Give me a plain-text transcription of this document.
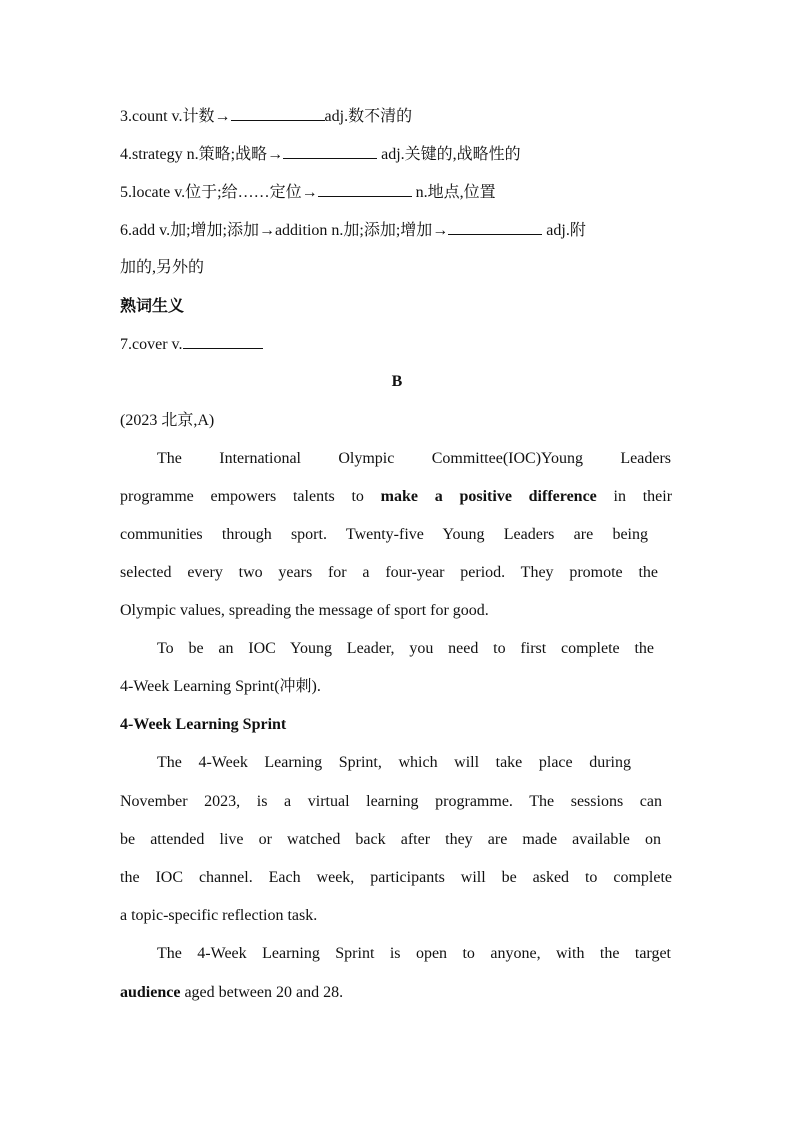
3.count v.计数→	adj.数不清的
4.strategy n.策略;战略→	adj.关键的,战略性的
5.locate v.位于;给……定位→	n.地点,位置
6.add v.加;增加;添加→addition n.加;添加;增加→	adj.附
加的,另外的
熟词生义
7.cover v.
B
(2023 北京,A)
The International Olympic Committee(IOC)Young Leaders
programme empowers talents to make a positive difference in their
communities through sport. Twenty-five Young Leaders are being
selected every two years for a four-year period. They promote the
Olympic values, spreading the message of sport for good.
To be an IOC Young Leader, you need to first complete the
4-Week Learning Sprint(冲刺).
4-Week Learning Sprint
The 4-Week Learning Sprint, which will take place during
November 2023, is a virtual learning programme. The sessions can
be attended live or watched back after they are made available on
the IOC channel. Each week, participants will be asked to complete
a topic-specific reflection task.
The 4-Week Learning Sprint is open to anyone, with the target
audience aged between 20 and 28.
